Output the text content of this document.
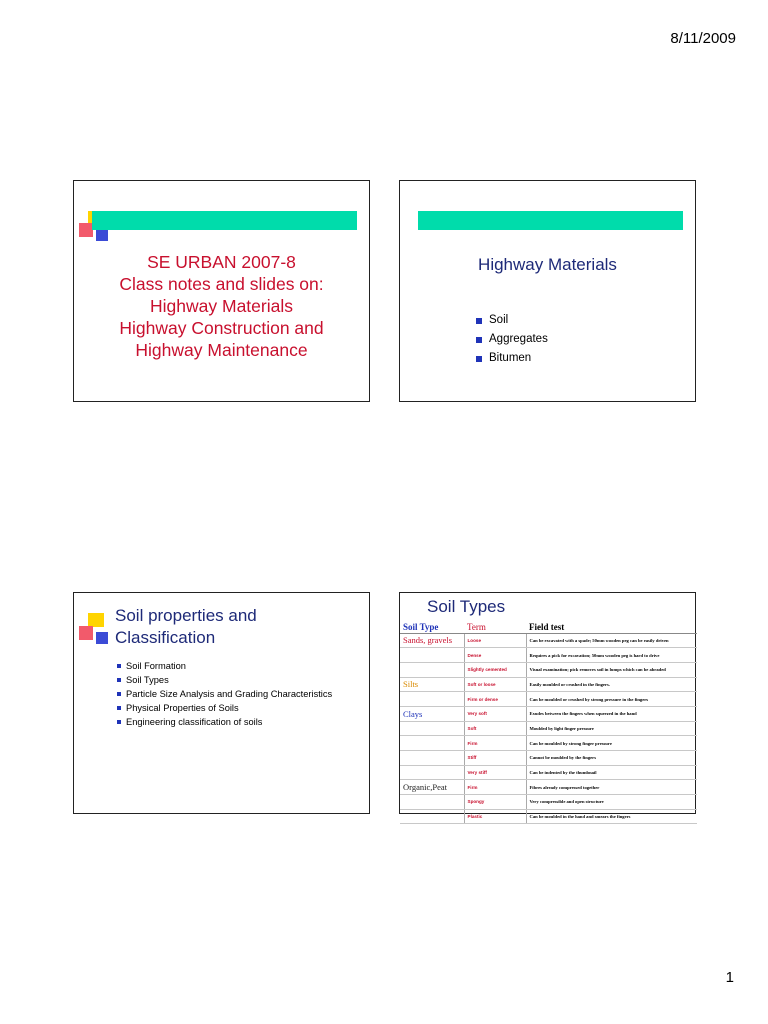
8/11/2009
SE URBAN 2007-8
Class notes and slides on:
Highway Materials
Highway Construction and
Highway Maintenance
Highway Materials
Soil
Aggregates
Bitumen
Soil properties and
Classification
Soil Formation
Soil Types
Particle Size Analysis and Grading Characteristics
Physical Properties of Soils
Engineering classification of soils
Soil Types
Soil Type	Term	Field test
Sands, gravels	Loose	Can be excavated with a spade; 50mm wooden peg can be easily driven
	Dense	Requires a pick for excavation; 50mm wooden peg is hard to drive
	Slightly cemented	Visual examination; pick removes soil in lumps which can be abraded
Silts	Soft or loose	Easily moulded or crushed in the fingers.
	Firm or dense	Can be moulded or crushed by strong pressure in the fingers
Clays	Very soft	Exudes between the fingers when squeezed in the hand
	Soft	Moulded by light finger pressure
	Firm	Can be moulded by strong finger pressure
	Stiff	Cannot be moulded by the fingers
	Very stiff	Can be indented by the thumbnail
Organic,Peat	Firm	Fibres already compressed together
	Spongy	Very compressible and open structure
	Plastic	Can be moulded in the hand and smears the fingers
1
